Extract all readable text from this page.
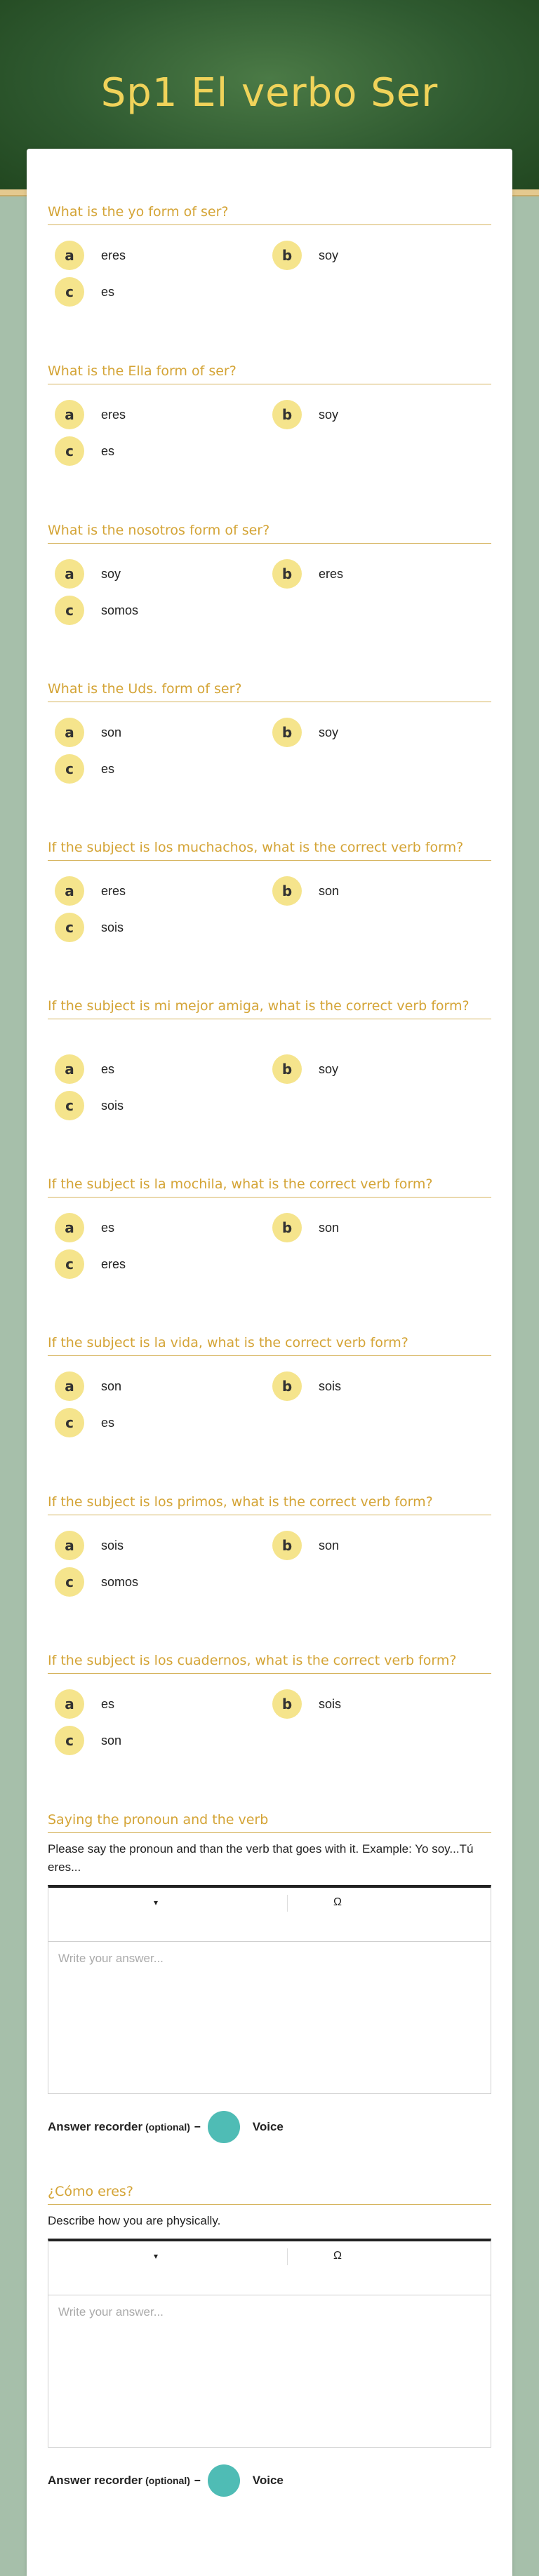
Sp1 El verbo Ser
What is the yo form of ser?
a	eres	b	soy
c	es
What is the Ella form of ser?
a	eres	b	soy
c	es
What is the nosotros form of ser?
a	soy	b	eres
c	somos
What is the Uds. form of ser?
a	son	b	soy
c	es
If the subject is los muchachos, what is the correct verb form?
a	eres	b	son
c	sois
If the subject is mi mejor amiga, what is the correct verb form?
a	es	b	soy
c	sois
If the subject is la mochila, what is the correct verb form?
a	es	b	son
c	eres
If the subject is la vida, what is the correct verb form?
a	son	b	sois
c	es
If the subject is los primos, what is the correct verb form?
a	sois	b	son
c	somos
If the subject is los cuadernos, what is the correct verb form?
a	es	b	sois
c	son
Saying the pronoun and the verb
Please say the pronoun and than the verb that goes with it. Example: Yo soy...Tú eres...
▾	Ω
Write your answer...
Answer recorder (optional) –	Voice
¿Cómo eres?
Describe how you are physically.
▾	Ω
Write your answer...
Answer recorder (optional) –	Voice
